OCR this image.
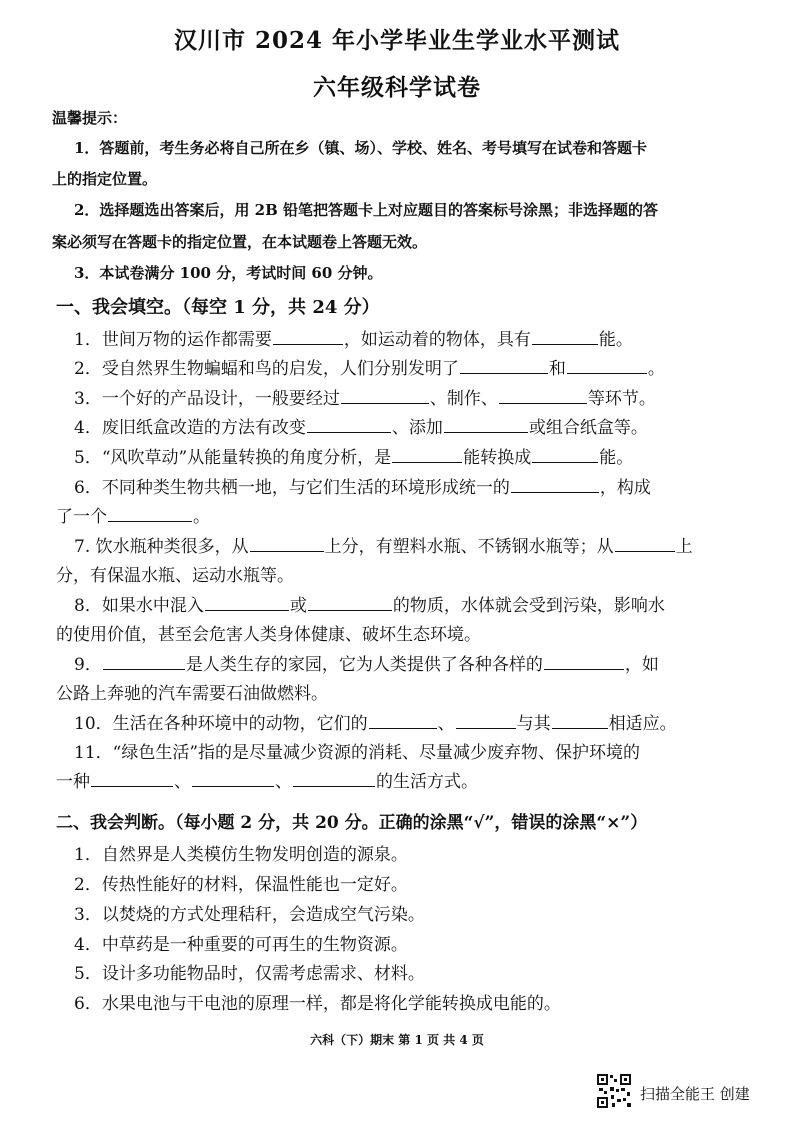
汉川市 2024 年小学毕业生学业水平测试
六年级科学试卷
温馨提示：
1．答题前，考生务必将自己所在乡（镇、场）、学校、姓名、考号填写在试卷和答题卡
上的指定位置。
2．选择题选出答案后，用 2B 铅笔把答题卡上对应题目的答案标号涂黑；非选择题的答
案必须写在答题卡的指定位置，在本试题卷上答题无效。
3．本试卷满分 100 分，考试时间 60 分钟。
一、我会填空。（每空 1 分，共 24 分）
1．世间万物的运作都需要	，如运动着的物体，具有	能。
2．受自然界生物蝙蝠和鸟的启发，人们分别发明了	和	。
3．一个好的产品设计，一般要经过	、制作、	等环节。
4．废旧纸盒改造的方法有改变	、添加	或组合纸盒等。
5．“风吹草动”从能量转换的角度分析，是	能转换成	能。
6．不同种类生物共栖一地，与它们生活的环境形成统一的	，构成
了一个	。
7. 饮水瓶种类很多，从	上分，有塑料水瓶、不锈钢水瓶等；从	上
分，有保温水瓶、运动水瓶等。
8．如果水中混入	或	的物质，水体就会受到污染，影响水
的使用价值，甚至会危害人类身体健康、破坏生态环境。
9．	是人类生存的家园，它为人类提供了各种各样的	，如
公路上奔驰的汽车需要石油做燃料。
10．生活在各种环境中的动物，它们的	、	与其	相适应。
11．“绿色生活”指的是尽量减少资源的消耗、尽量减少废弃物、保护环境的
一种	、	、	的生活方式。
二、我会判断。（每小题 2 分，共 20 分。正确的涂黑“√”，错误的涂黑“×”）
1．自然界是人类模仿生物发明创造的源泉。
2．传热性能好的材料，保温性能也一定好。
3．以焚烧的方式处理秸秆，会造成空气污染。
4．中草药是一种重要的可再生的生物资源。
5．设计多功能物品时，仅需考虑需求、材料。
6．水果电池与干电池的原理一样，都是将化学能转换成电能的。
六科（下）期末 第 1 页 共 4 页
扫描全能王 创建
